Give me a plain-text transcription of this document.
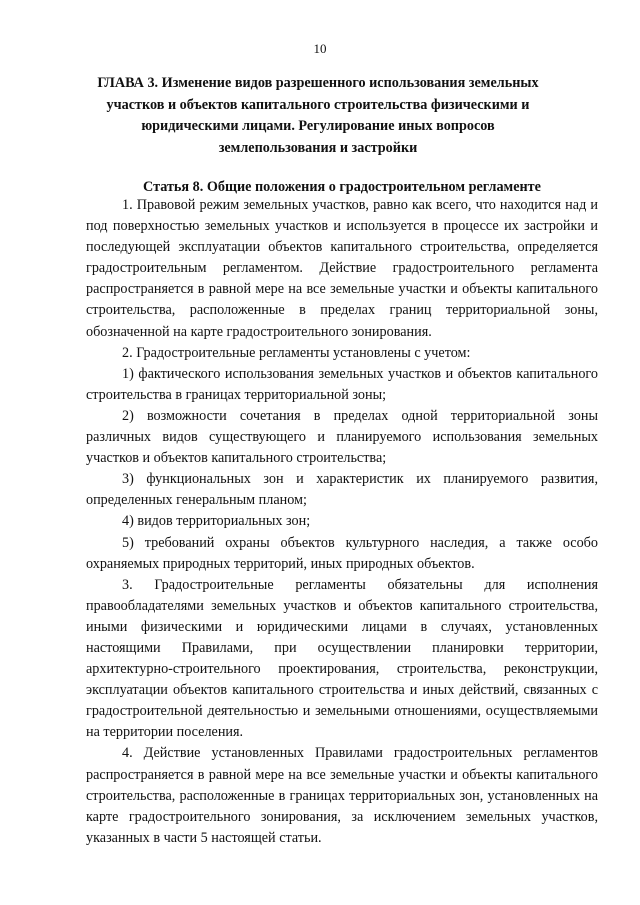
10
ГЛАВА 3. Изменение видов разрешенного использования земельных участков и объектов капитального строительства физическими и юридическими лицами. Регулирование иных вопросов землепользования и застройки
Статья 8. Общие положения о градостроительном регламенте

1. Правовой режим земельных участков, равно как всего, что находится над и под поверхностью земельных участков и используется в процессе их застройки и последующей эксплуатации объектов капитального строительства, определяется градостроительным регламентом. Действие градостроительного регламента распространяется в равной мере на все земельные участки и объекты капитального строительства, расположенные в пределах границ территориальной зоны, обозначенной на карте градостроительного зонирования.

2. Градостроительные регламенты установлены с учетом:

1) фактического использования земельных участков и объектов капитального строительства в границах территориальной зоны;

2) возможности сочетания в пределах одной территориальной зоны различных видов существующего и планируемого использования земельных участков и объектов капитального строительства;

3) функциональных зон и характеристик их планируемого развития, определенных генеральным планом;

4) видов территориальных зон;

5) требований охраны объектов культурного наследия, а также особо охраняемых природных территорий, иных природных объектов.

3. Градостроительные регламенты обязательны для исполнения правообладателями земельных участков и объектов капитального строительства, иными физическими и юридическими лицами в случаях, установленных настоящими Правилами, при осуществлении планировки территории, архитектурно-строительного проектирования, строительства, реконструкции, эксплуатации объектов капитального строительства и иных действий, связанных с градостроительной деятельностью и земельными отношениями, осуществляемыми на территории поселения.

4. Действие установленных Правилами градостроительных регламентов распространяется в равной мере на все земельные участки и объекты капитального строительства, расположенные в границах территориальных зон, установленных на карте градостроительного зонирования, за исключением земельных участков, указанных в части 5 настоящей статьи.
